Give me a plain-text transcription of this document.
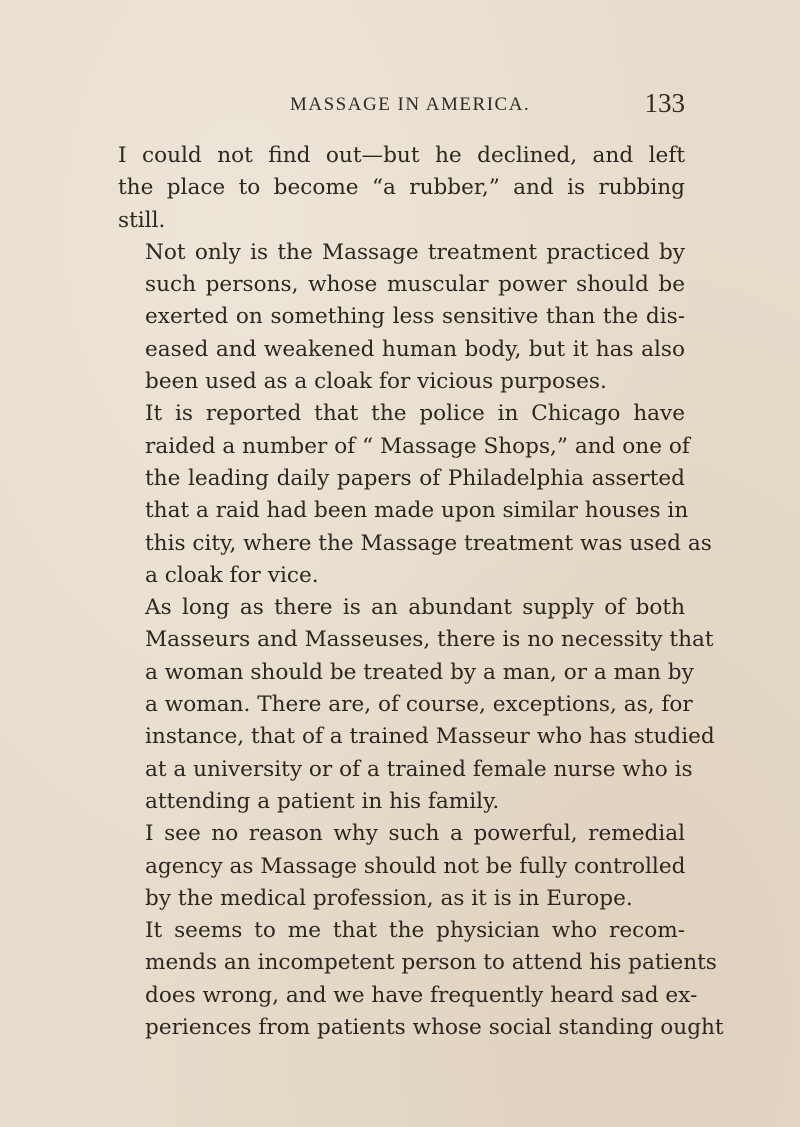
MASSAGE IN AMERICA.	133

I could not find out—but he declined, and left
the place to become “a rubber,” and is rubbing
still.

Not only is the Massage treatment practiced by
such persons, whose muscular power should be
exerted on something less sensitive than the dis-
eased and weakened human body, but it has also
been used as a cloak for vicious purposes.

It is reported that the police in Chicago have
raided a number of “ Massage Shops,” and one of
the leading daily papers of Philadelphia asserted
that a raid had been made upon similar houses in
this city, where the Massage treatment was used as
a cloak for vice.

As long as there is an abundant supply of both
Masseurs and Masseuses, there is no necessity that
a woman should be treated by a man, or a man by
a woman. There are, of course, exceptions, as, for
instance, that of a trained Masseur who has studied
at a university or of a trained female nurse who is
attending a patient in his family.

I see no reason why such a powerful, remedial
agency as Massage should not be fully controlled
by the medical profession, as it is in Europe.

It seems to me that the physician who recom-
mends an incompetent person to attend his patients
does wrong, and we have frequently heard sad ex-
periences from patients whose social standing ought
